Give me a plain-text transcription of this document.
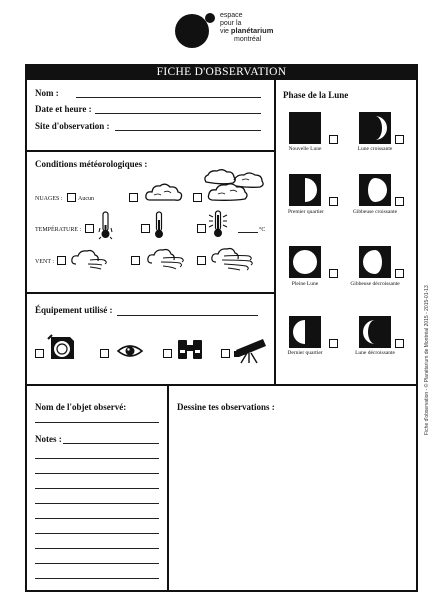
espace
pour la
vie planétarium
montréal
FICHE D'OBSERVATION
Nom :
Date et heure :
Site d'observation :
Conditions météorologiques :
NUAGES :	Aucun
TEMPÉRATURE :	°C
VENT :
Équipement utilisé :
Phase de la Lune
Nouvelle Lune	Lune croissante
Premier quartier	Gibbeuse croissante
Pleine Lune	Gibbeuse décroissante
Dernier quartier	Lune décroissante
Nom de l'objet observé:
Notes :
Dessine tes observations :	Fiche d'observation - © Planétarium de Montréal 2015 - 2015-01-13
